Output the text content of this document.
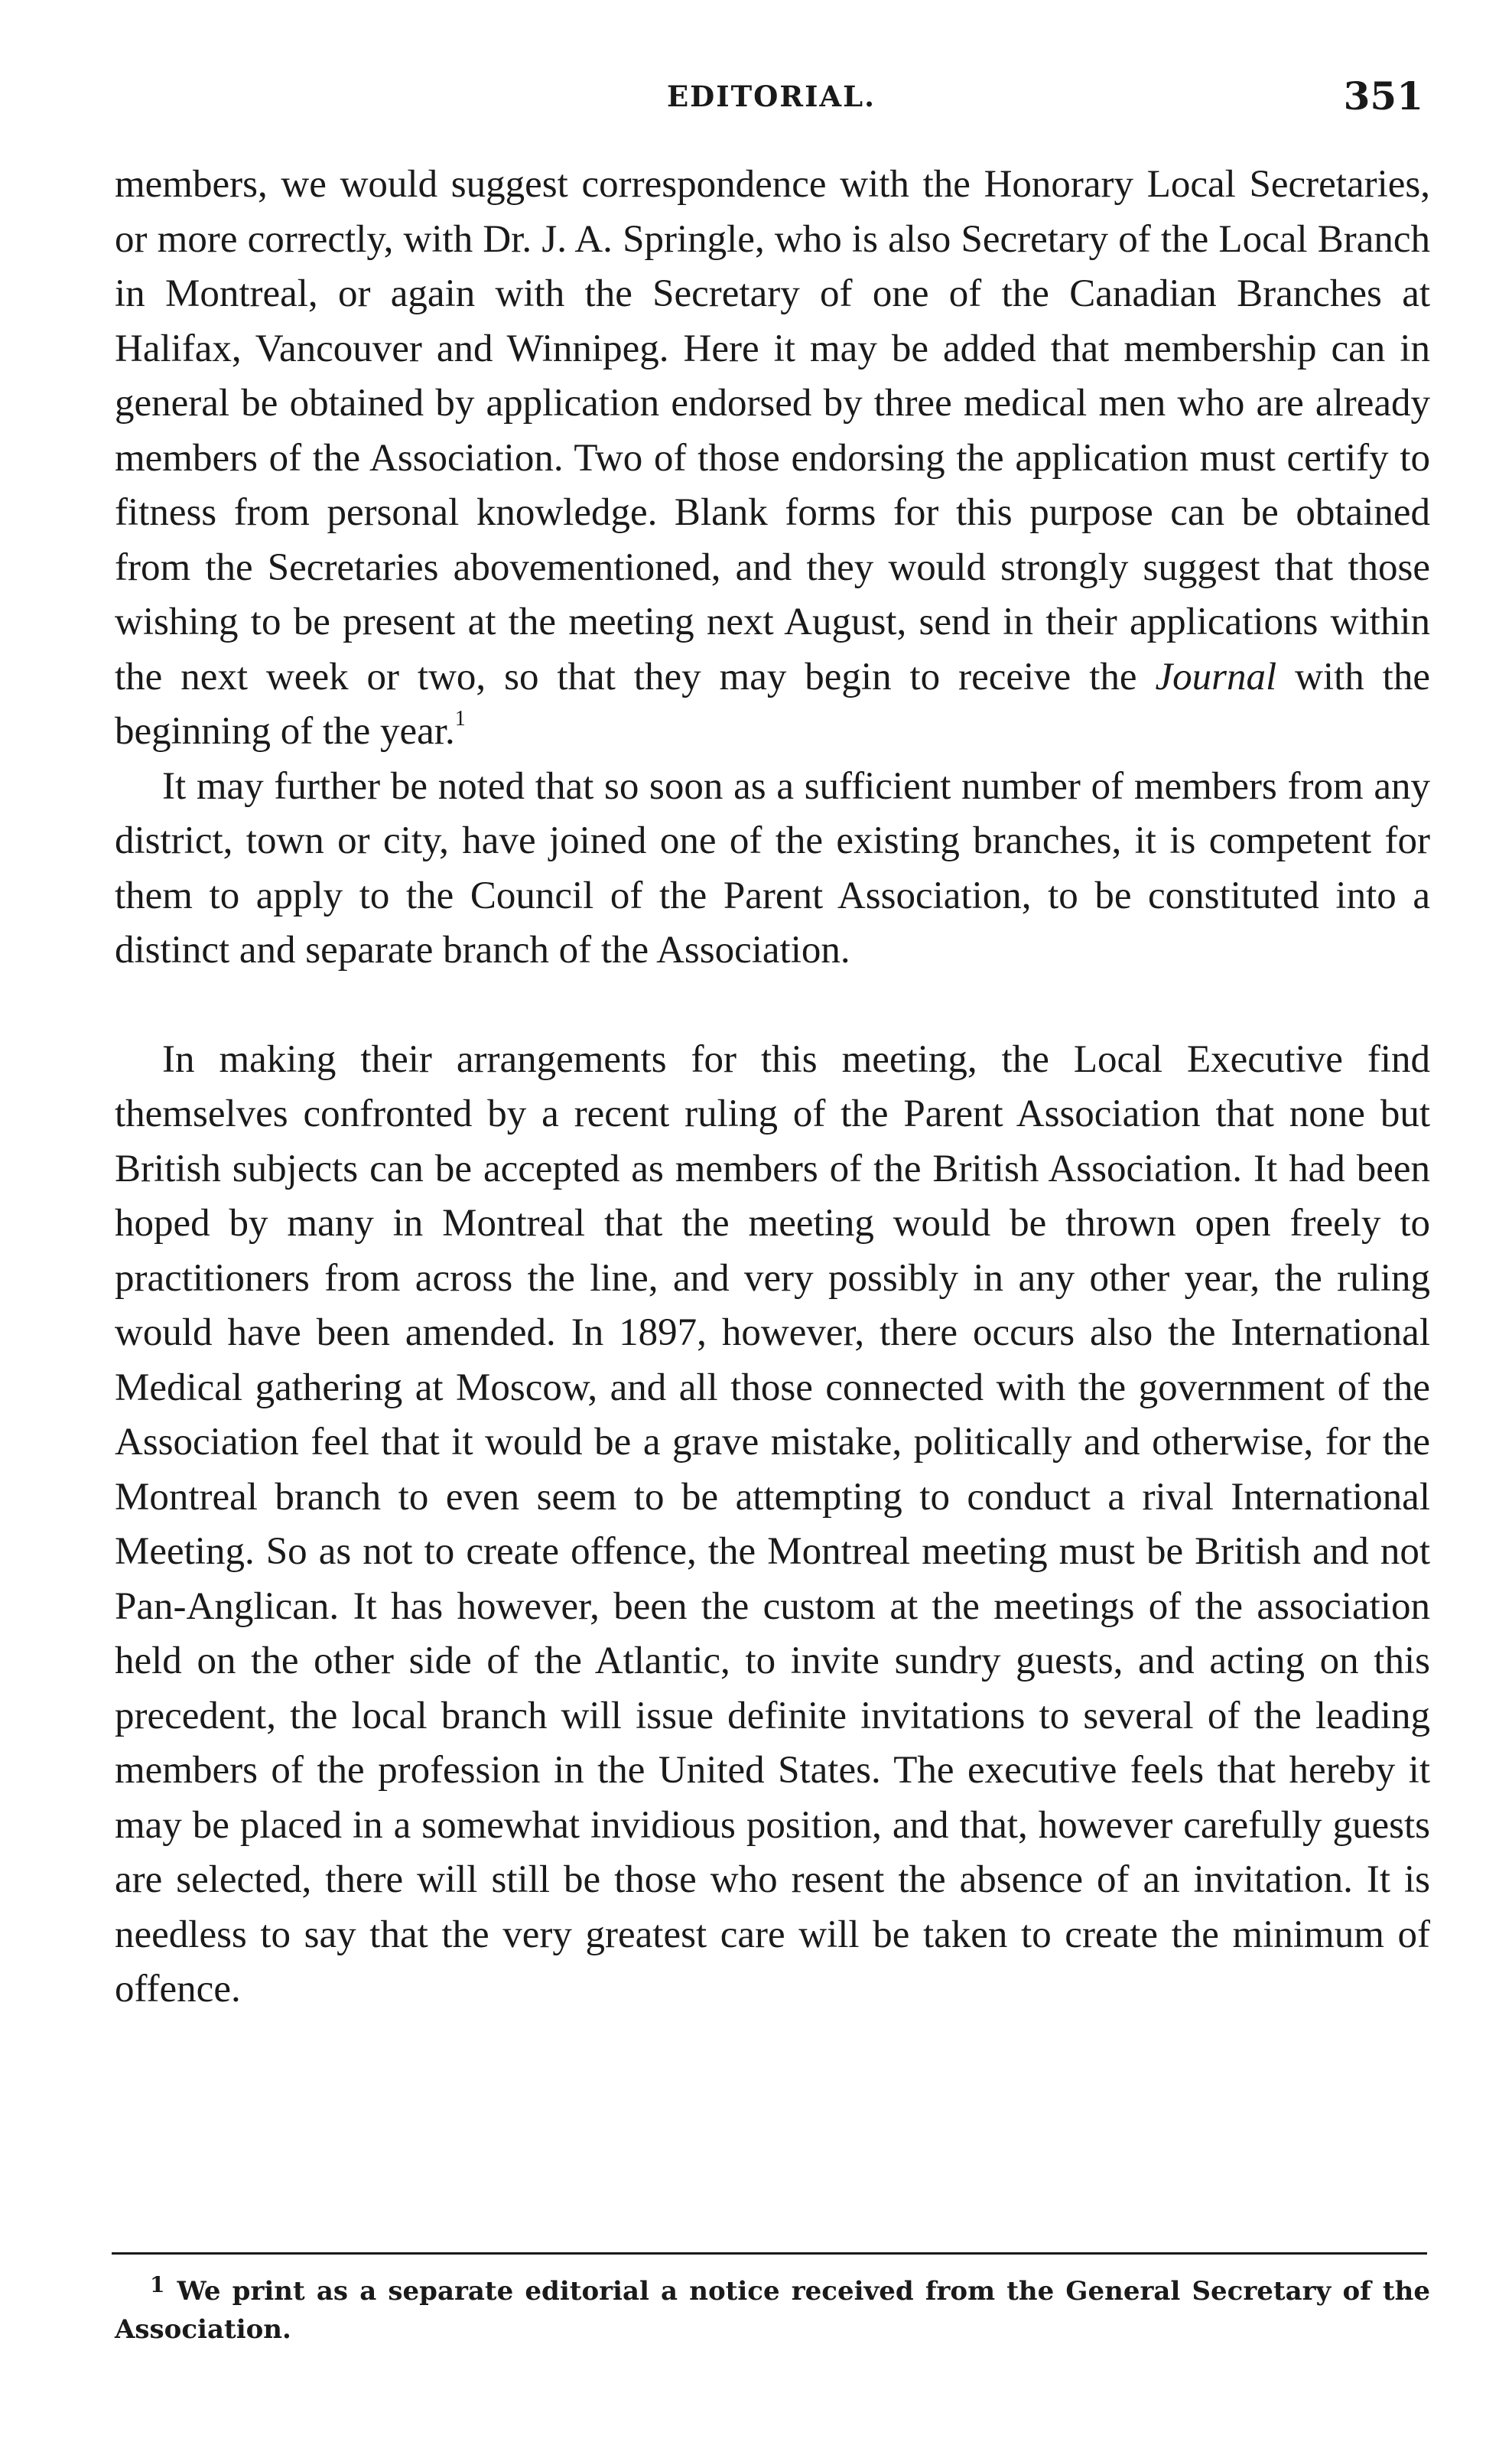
EDITORIAL.	351

members, we would suggest correspondence with the Honorary Local Secretaries, or more correctly, with Dr. J. A. Springle, who is also Secretary of the Local Branch in Montreal, or again with the Secretary of one of the Canadian Branches at Halifax, Vancouver and Winnipeg. Here it may be added that membership can in general be obtained by application endorsed by three medical men who are already members of the Association. Two of those endorsing the application must certify to fitness from personal knowledge. Blank forms for this purpose can be obtained from the Secretaries abovementioned, and they would strongly suggest that those wishing to be present at the meeting next August, send in their applications within the next week or two, so that they may begin to receive the Journal with the beginning of the year.$^1$

It may further be noted that so soon as a sufficient number of members from any district, town or city, have joined one of the existing branches, it is competent for them to apply to the Council of the Parent Association, to be constituted into a distinct and separate branch of the Association.

In making their arrangements for this meeting, the Local Executive find themselves confronted by a recent ruling of the Parent Association that none but British subjects can be accepted as members of the British Association. It had been hoped by many in Montreal that the meeting would be thrown open freely to practitioners from across the line, and very possibly in any other year, the ruling would have been amended. In 1897, however, there occurs also the International Medical gathering at Moscow, and all those connected with the government of the Association feel that it would be a grave mistake, politically and otherwise, for the Montreal branch to even seem to be attempting to conduct a rival International Meeting. So as not to create offence, the Montreal meeting must be British and not Pan-Anglican. It has however, been the custom at the meetings of the association held on the other side of the Atlantic, to invite sundry guests, and acting on this precedent, the local branch will issue definite invitations to several of the leading members of the profession in the United States. The executive feels that hereby it may be placed in a somewhat invidious position, and that, however carefully guests are selected, there will still be those who resent the absence of an invitation. It is needless to say that the very greatest care will be taken to create the minimum of offence.

1 We print as a separate editorial a notice received from the General Secretary of the Association.
